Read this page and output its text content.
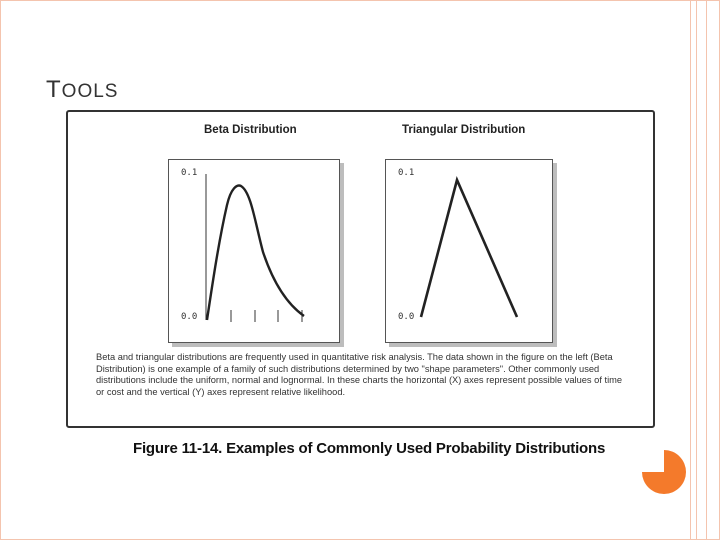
TOOLS
Beta Distribution
0.1
0.0
Triangular Distribution
0.1
0.0
Beta and triangular distributions are frequently used in quantitative risk analysis. The data shown in the figure on the left (Beta Distribution) is one example of a family of such distributions determined by two "shape parameters". Other commonly used distributions include the uniform, normal and lognormal. In these charts the horizontal (X) axes represent possible values of time or cost and the vertical (Y) axes represent relative likelihood.
Figure 11-14. Examples of Commonly Used Probability Distributions
